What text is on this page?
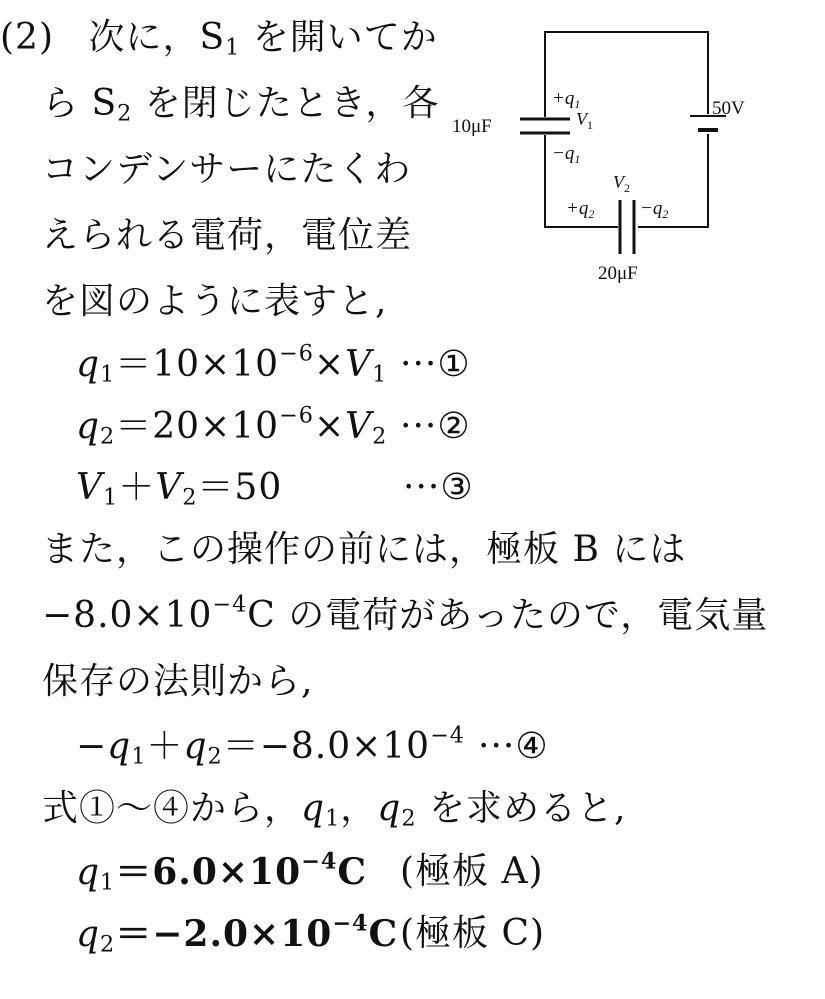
(2) 次に，$S_1$ を開いてか
ら $S_2$ を閉じたとき，各
コンデンサーにたくわ
えられる電荷，電位差
を図のように表すと,
10μF
50V
20μF
$+q_1$
$V_1$
$-q_1$
$V_2$
$+q_2 -q_2$
$q_1=10\times 10^{-6}\times V_1$ ···①
$q_2=20\times 10^{-6}\times V_2$ ···②
$V_1+V_2=50$	···③
また，この操作の前には，極板 B には
$-8.0\times 10^{-4}C$ の電荷があったので，電気量
保存の法則から,
$-q_1+q_2=-8.0\times 10^{-4}$ ···④
式①〜④から，$q_1$，$q_2$ を求めると,
$q_1=6.0\times 10^{-4}C$ (極板 A)
$q_2=-2.0\times 10^{-4}C$ (極板 C)
